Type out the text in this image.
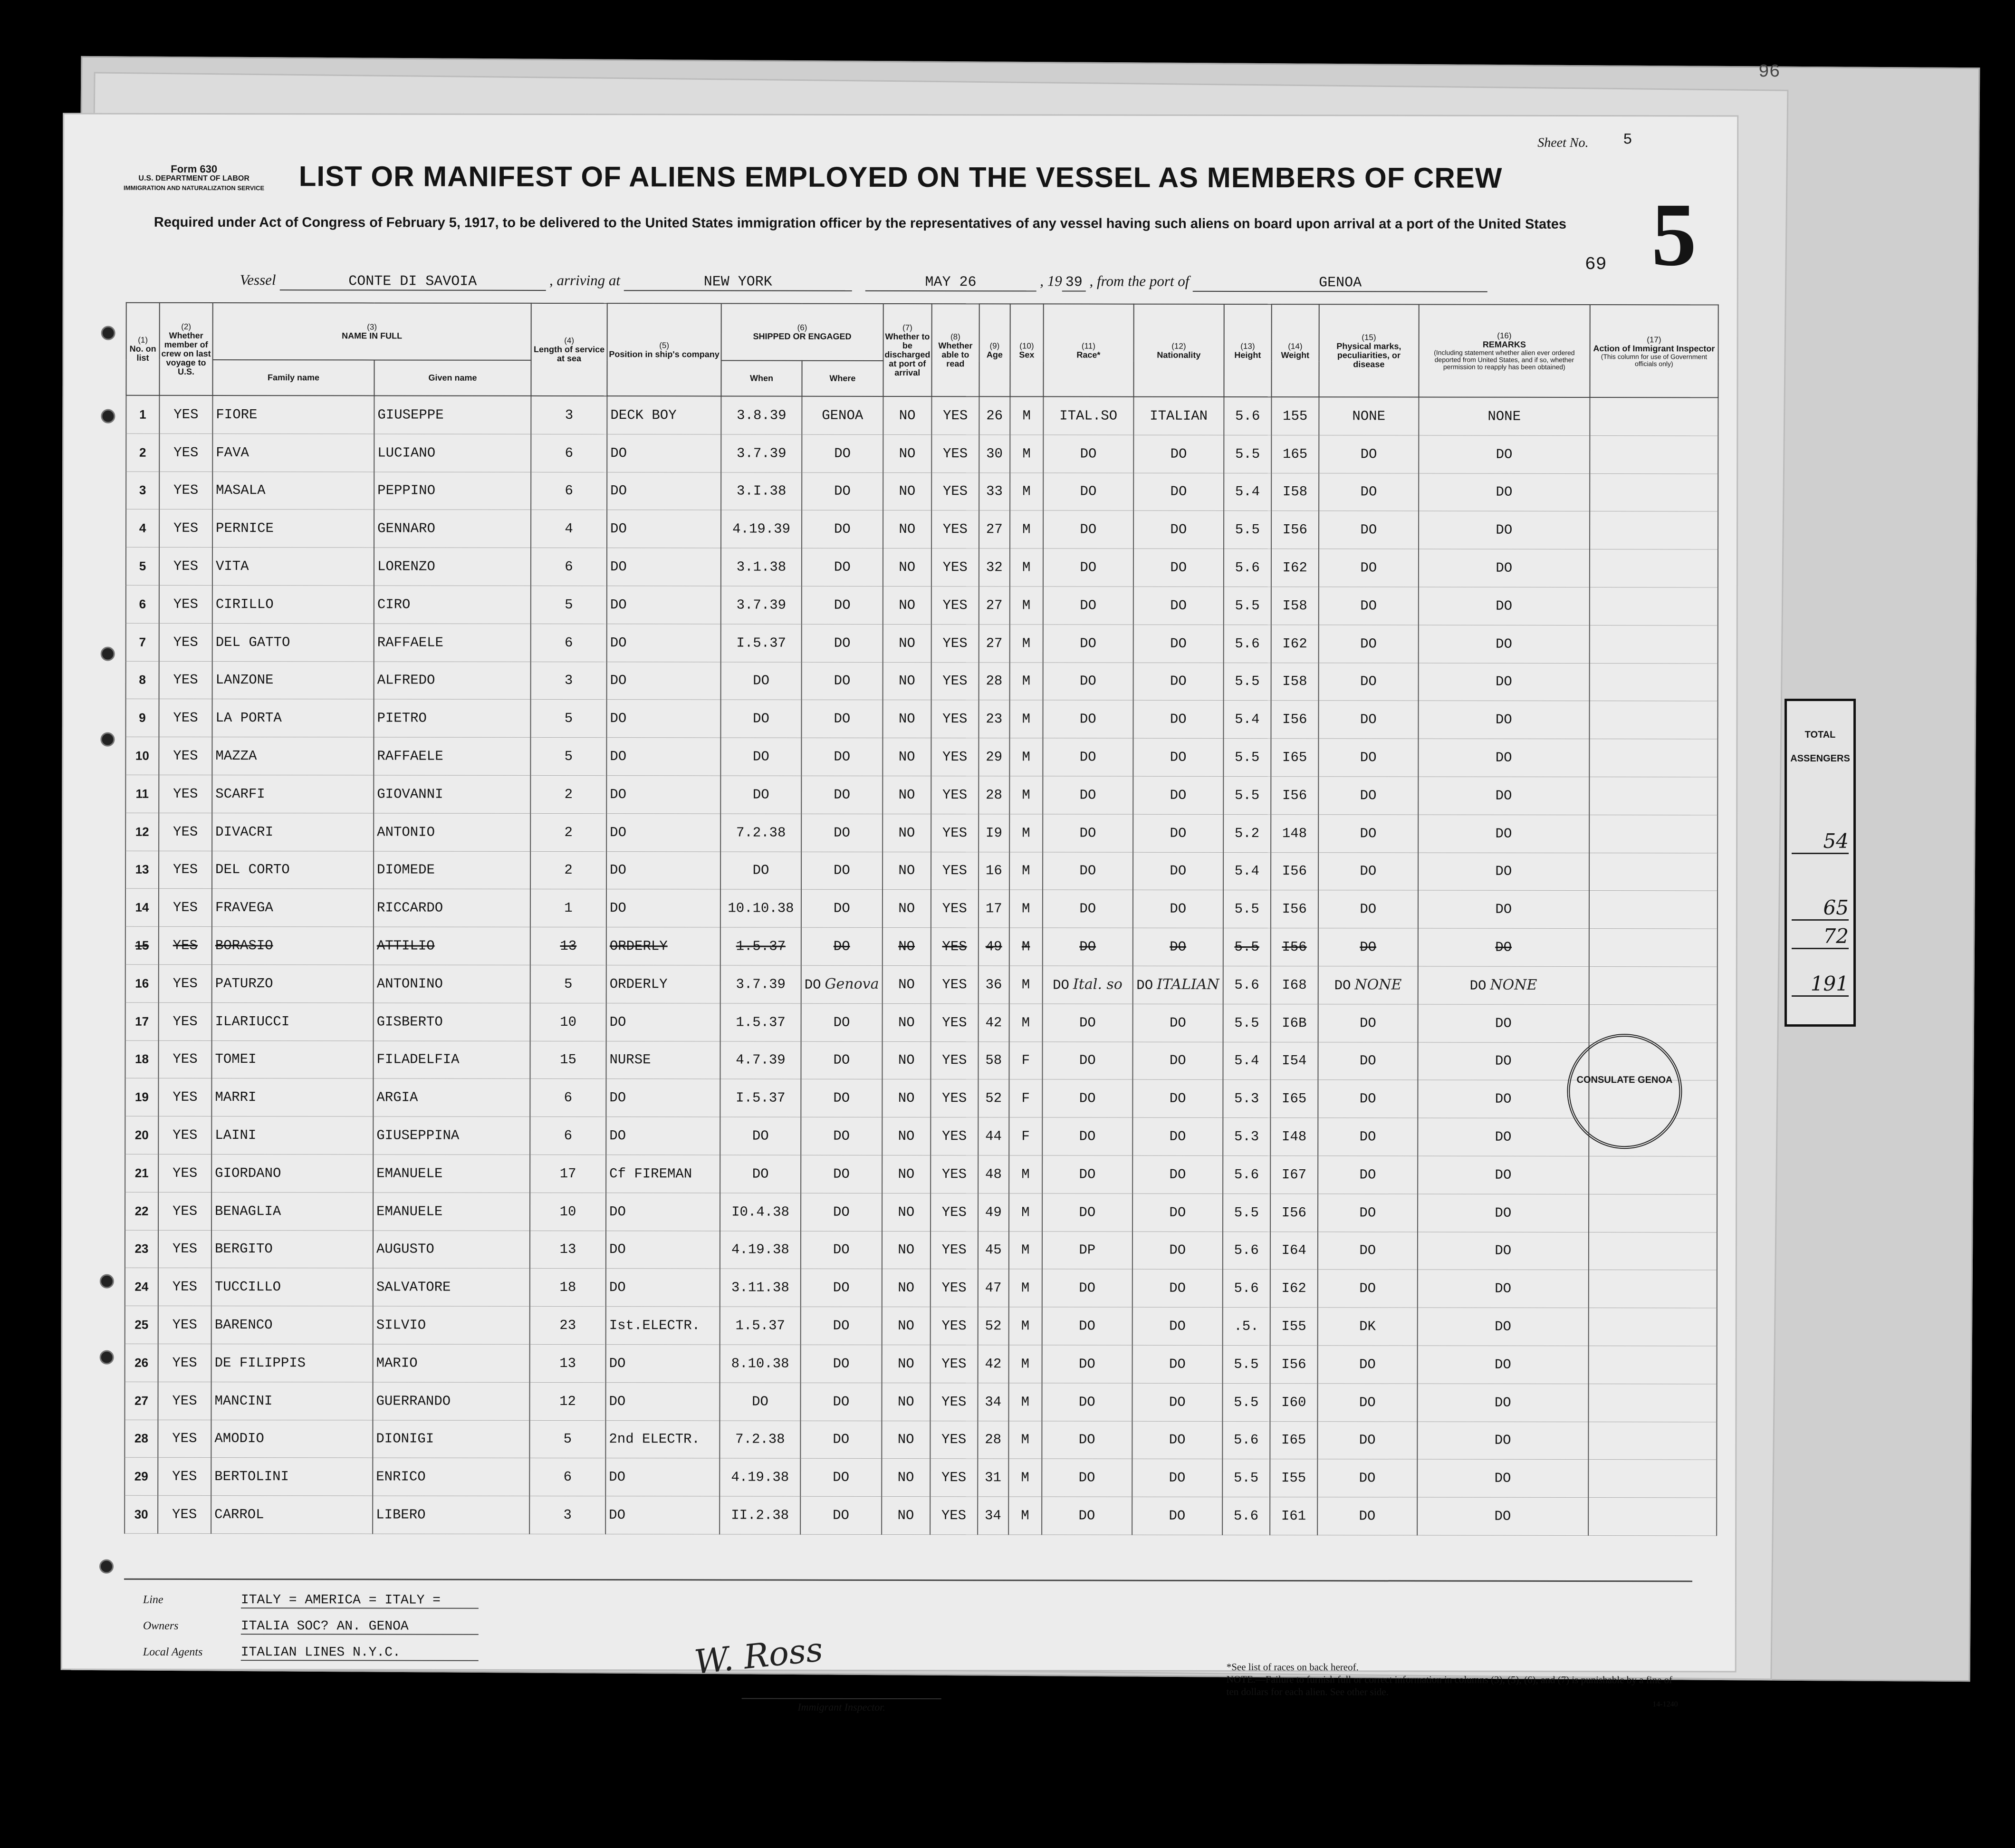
TOTAL
ASSENGERS
54
65
72
191
96
Form 630
U.S. DEPARTMENT OF LABOR
IMMIGRATION AND NATURALIZATION SERVICE	LIST OR MANIFEST OF ALIENS EMPLOYED ON THE VESSEL AS MEMBERS OF CREW
Required under Act of Congress of February 5, 1917, to be delivered to the United States immigration officer by the representatives of any vessel having such aliens on board upon arrival at a port of the United States
Sheet No. 5
5
69
Vessel	CONTE DI SAVOIA	, arriving at	NEW YORK	MAY 26	, 19 39 , from the port of	GENOA
(1)
No. on list	(2)
Whether member of crew on last voyage to U.S.	(3)
NAME IN FULL		(4)
Length of service at sea	(5)
Position in ship's company	(6)
SHIPPED OR ENGAGED		(7)
Whether to be discharged at port of arrival	(8)
Whether able to read	(9)
Age	(10)
Sex	(11)
Race*	(12)
Nationality	(13)
Height	(14)
Weight	(15)
Physical marks, peculiarities, or disease	(16)
REMARKS
(Including statement whether alien ever ordered deported from United States, and if so, whether permission to reapply has been obtained)	(17)
Action of Immigrant Inspector
(This column for use of Government officials only)

		Family name	Given name			When	Where											
1	YES	FIORE	GIUSEPPE	3	DECK BOY	3.8.39	GENOA	NO	YES	26	M	ITAL.SO	ITALIAN	5.6	155	NONE	NONE	
2	YES	FAVA	LUCIANO	6	DO	3.7.39	DO	NO	YES	30	M	DO	DO	5.5	165	DO	DO	
3	YES	MASALA	PEPPINO	6	DO	3.I.38	DO	NO	YES	33	M	DO	DO	5.4	I58	DO	DO	
4	YES	PERNICE	GENNARO	4	DO	4.19.39	DO	NO	YES	27	M	DO	DO	5.5	I56	DO	DO	
5	YES	VITA	LORENZO	6	DO	3.1.38	DO	NO	YES	32	M	DO	DO	5.6	I62	DO	DO	
6	YES	CIRILLO	CIRO	5	DO	3.7.39	DO	NO	YES	27	M	DO	DO	5.5	I58	DO	DO	
7	YES	DEL GATTO	RAFFAELE	6	DO	I.5.37	DO	NO	YES	27	M	DO	DO	5.6	I62	DO	DO	
8	YES	LANZONE	ALFREDO	3	DO	DO	DO	NO	YES	28	M	DO	DO	5.5	I58	DO	DO	
9	YES	LA PORTA	PIETRO	5	DO	DO	DO	NO	YES	23	M	DO	DO	5.4	I56	DO	DO	
10	YES	MAZZA	RAFFAELE	5	DO	DO	DO	NO	YES	29	M	DO	DO	5.5	I65	DO	DO	
11	YES	SCARFI	GIOVANNI	2	DO	DO	DO	NO	YES	28	M	DO	DO	5.5	I56	DO	DO	
12	YES	DIVACRI	ANTONIO	2	DO	7.2.38	DO	NO	YES	I9	M	DO	DO	5.2	148	DO	DO	
13	YES	DEL CORTO	DIOMEDE	2	DO	DO	DO	NO	YES	16	M	DO	DO	5.4	I56	DO	DO	
14	YES	FRAVEGA	RICCARDO	1	DO	10.10.38	DO	NO	YES	17	M	DO	DO	5.5	I56	DO	DO	
15	YES	BORASIO	ATTILIO	13	ORDERLY	1.5.37	DO	NO	YES	49	M	DO	DO	5.5	I56	DO	DO	
16	YES	PATURZO	ANTONINO	5	ORDERLY	3.7.39	DO Genova	NO	YES	36	M	DO Ital. so	DO ITALIAN	5.6	I68	DO NONE	DO NONE	
17	YES	ILARIUCCI	GISBERTO	10	DO	1.5.37	DO	NO	YES	42	M	DO	DO	5.5	I6B	DO	DO	
18	YES	TOMEI	FILADELFIA	15	NURSE	4.7.39	DO	NO	YES	58	F	DO	DO	5.4	I54	DO	DO	
19	YES	MARRI	ARGIA	6	DO	I.5.37	DO	NO	YES	52	F	DO	DO	5.3	I65	DO	DO	
20	YES	LAINI	GIUSEPPINA	6	DO	DO	DO	NO	YES	44	F	DO	DO	5.3	I48	DO	DO	
21	YES	GIORDANO	EMANUELE	17	Cf FIREMAN	DO	DO	NO	YES	48	M	DO	DO	5.6	I67	DO	DO	
22	YES	BENAGLIA	EMANUELE	10	DO	I0.4.38	DO	NO	YES	49	M	DO	DO	5.5	I56	DO	DO	
23	YES	BERGITO	AUGUSTO	13	DO	4.19.38	DO	NO	YES	45	M	DP	DO	5.6	I64	DO	DO	
24	YES	TUCCILLO	SALVATORE	18	DO	3.11.38	DO	NO	YES	47	M	DO	DO	5.6	I62	DO	DO	
25	YES	BARENCO	SILVIO	23	Ist.ELECTR.	1.5.37	DO	NO	YES	52	M	DO	DO	.5.	I55	DK	DO	
26	YES	DE FILIPPIS	MARIO	13	DO	8.10.38	DO	NO	YES	42	M	DO	DO	5.5	I56	DO	DO	
27	YES	MANCINI	GUERRANDO	12	DO	DO	DO	NO	YES	34	M	DO	DO	5.5	I60	DO	DO	
28	YES	AMODIO	DIONIGI	5	2nd ELECTR.	7.2.38	DO	NO	YES	28	M	DO	DO	5.6	I65	DO	DO	
29	YES	BERTOLINI	ENRICO	6	DO	4.19.38	DO	NO	YES	31	M	DO	DO	5.5	I55	DO	DO	
30	YES	CARROL	LIBERO	3	DO	II.2.38	DO	NO	YES	34	M	DO	DO	5.6	I61	DO	DO	
Line	ITALY = AMERICA = ITALY =
Owners	ITALIA SOC? AN. GENOA
Local Agents	ITALIAN LINES N.Y.C.	W. Ross
Immigrant Inspector.
*See list of races on back hereof.
NOTE.—Failure to furnish full or correct information in columns (3), (5), (6), and (7) is punishable by a fine of ten dollars for each alien. See other side.
14-1240
CONSULATE GENOA
